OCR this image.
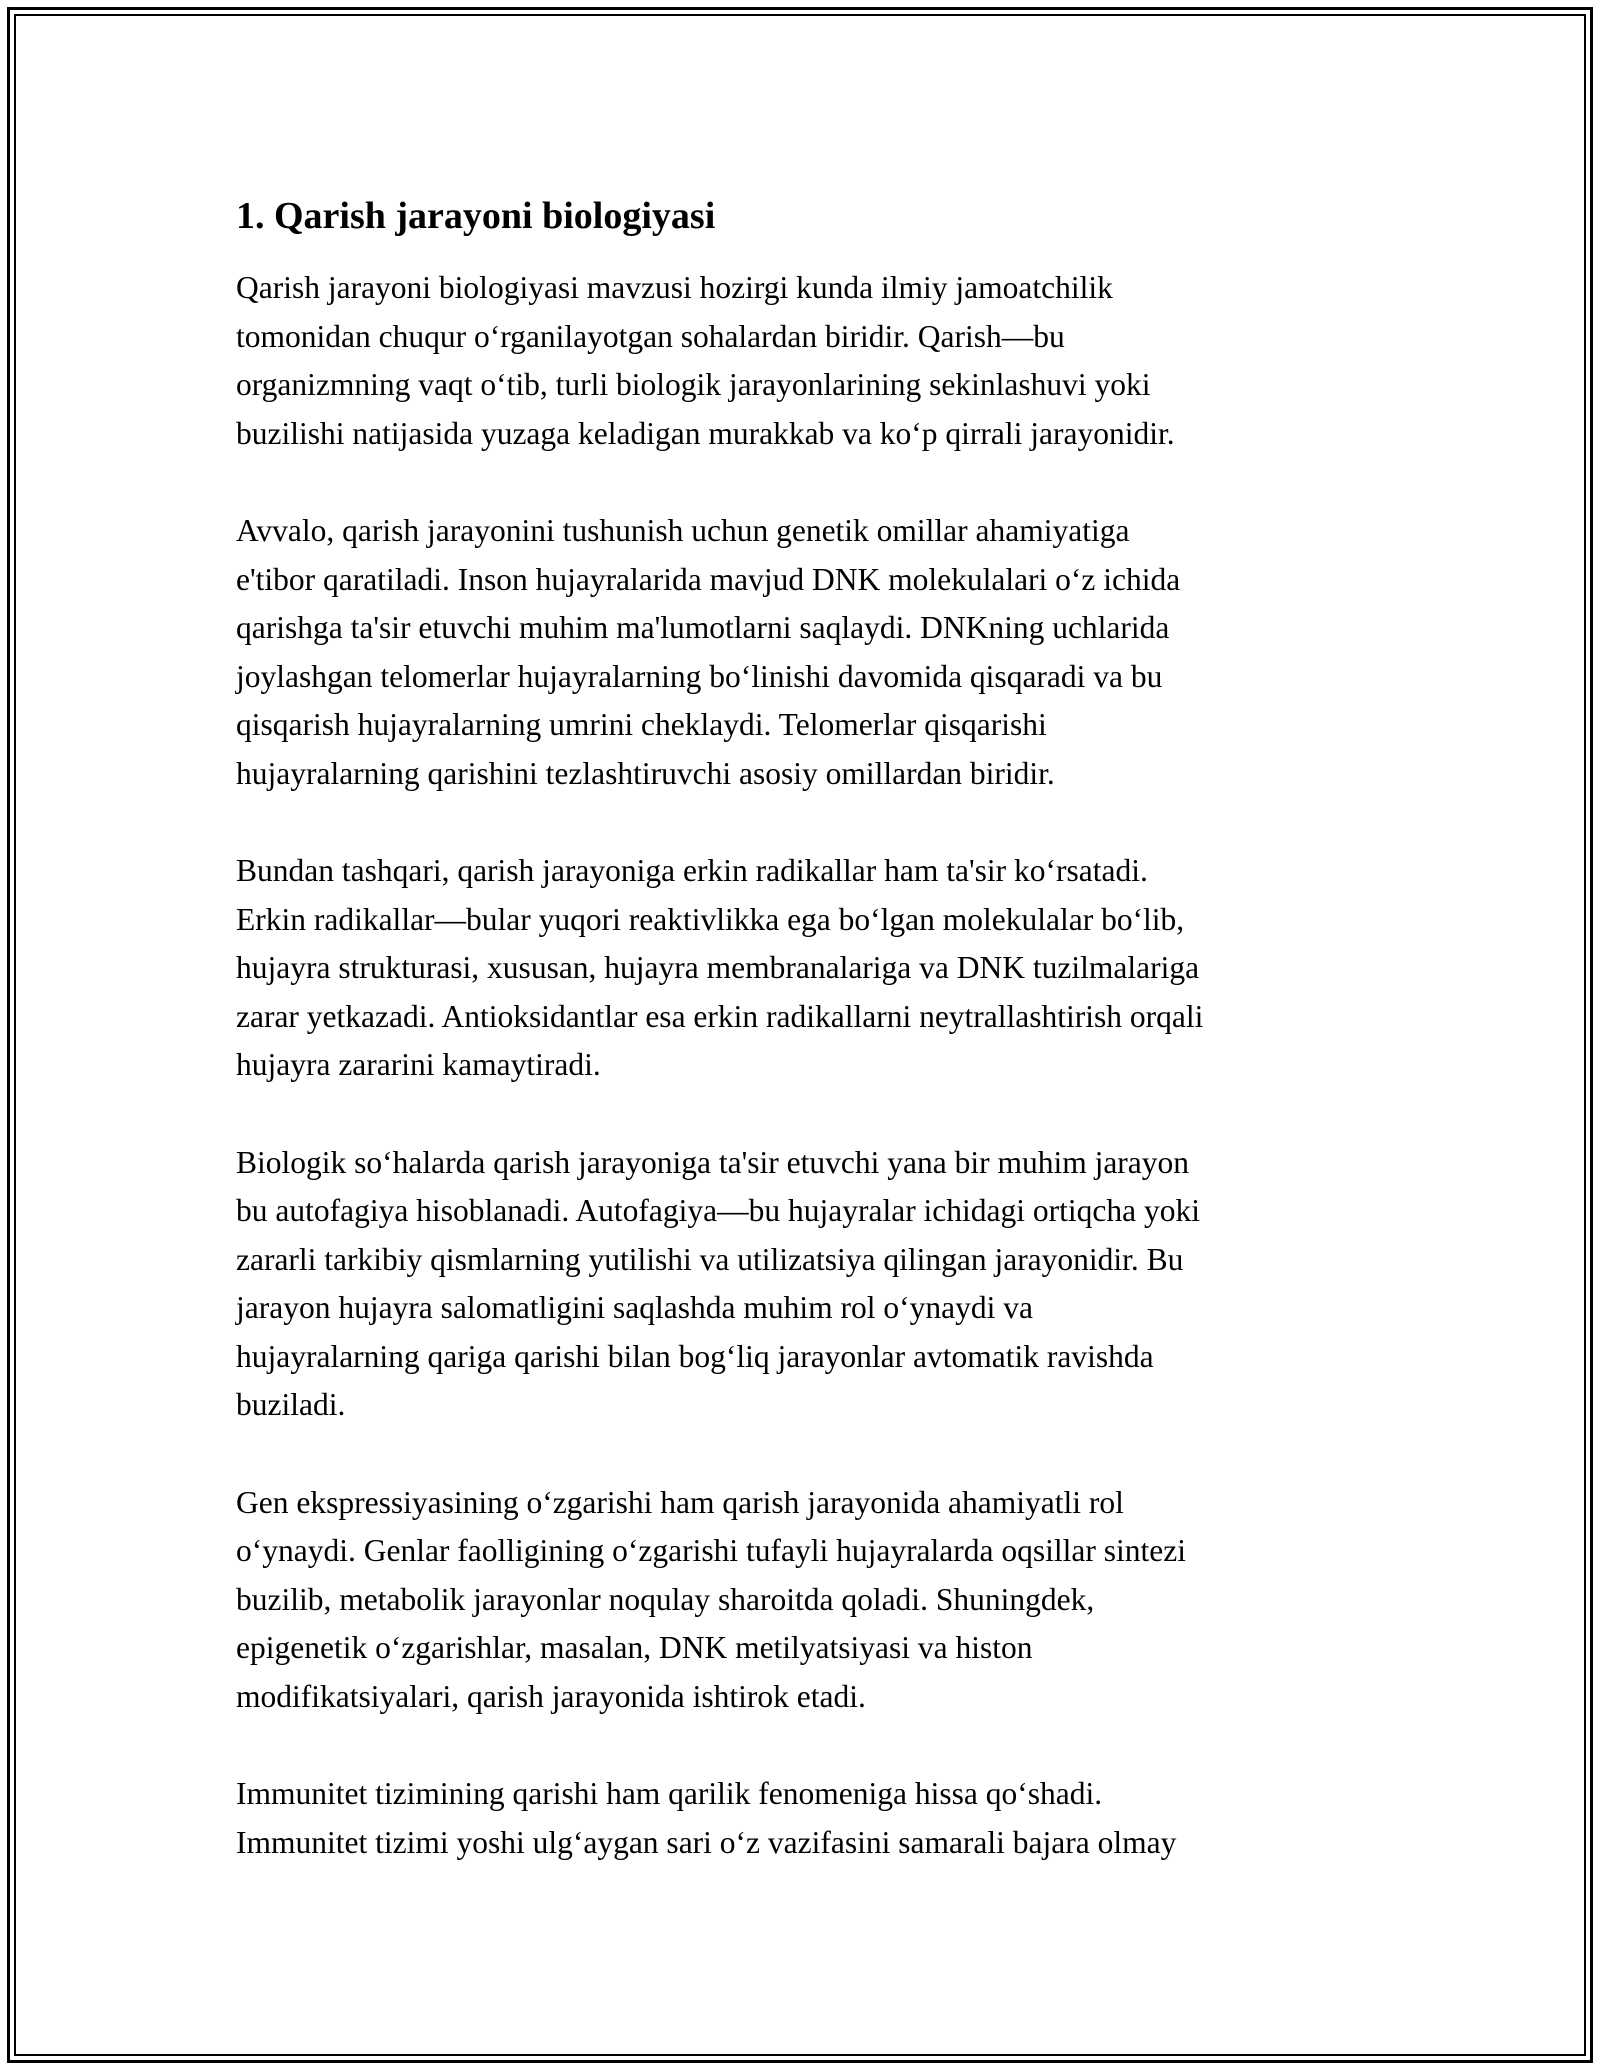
1. Qarish jarayoni biologiyasi

Qarish jarayoni biologiyasi mavzusi hozirgi kunda ilmiy jamoatchilik
tomonidan chuqur o‘rganilayotgan sohalardan biridir. Qarish—bu
organizmning vaqt o‘tib, turli biologik jarayonlarining sekinlashuvi yoki
buzilishi natijasida yuzaga keladigan murakkab va ko‘p qirrali jarayonidir.

Avvalo, qarish jarayonini tushunish uchun genetik omillar ahamiyatiga
e'tibor qaratiladi. Inson hujayralarida mavjud DNK molekulalari o‘z ichida
qarishga ta'sir etuvchi muhim ma'lumotlarni saqlaydi. DNKning uchlarida
joylashgan telomerlar hujayralarning bo‘linishi davomida qisqaradi va bu
qisqarish hujayralarning umrini cheklaydi. Telomerlar qisqarishi
hujayralarning qarishini tezlashtiruvchi asosiy omillardan biridir.

Bundan tashqari, qarish jarayoniga erkin radikallar ham ta'sir ko‘rsatadi.
Erkin radikallar—bular yuqori reaktivlikka ega bo‘lgan molekulalar bo‘lib,
hujayra strukturasi, xususan, hujayra membranalariga va DNK tuzilmalariga
zarar yetkazadi. Antioksidantlar esa erkin radikallarni neytrallashtirish orqali
hujayra zararini kamaytiradi.

Biologik so‘halarda qarish jarayoniga ta'sir etuvchi yana bir muhim jarayon
bu autofagiya hisoblanadi. Autofagiya—bu hujayralar ichidagi ortiqcha yoki
zararli tarkibiy qismlarning yutilishi va utilizatsiya qilingan jarayonidir. Bu
jarayon hujayra salomatligini saqlashda muhim rol o‘ynaydi va
hujayralarning qariga qarishi bilan bog‘liq jarayonlar avtomatik ravishda
buziladi.

Gen ekspressiyasining o‘zgarishi ham qarish jarayonida ahamiyatli rol
o‘ynaydi. Genlar faolligining o‘zgarishi tufayli hujayralarda oqsillar sintezi
buzilib, metabolik jarayonlar noqulay sharoitda qoladi. Shuningdek,
epigenetik o‘zgarishlar, masalan, DNK metilyatsiyasi va histon
modifikatsiyalari, qarish jarayonida ishtirok etadi.

Immunitet tizimining qarishi ham qarilik fenomeniga hissa qo‘shadi.
Immunitet tizimi yoshi ulg‘aygan sari o‘z vazifasini samarali bajara olmay
